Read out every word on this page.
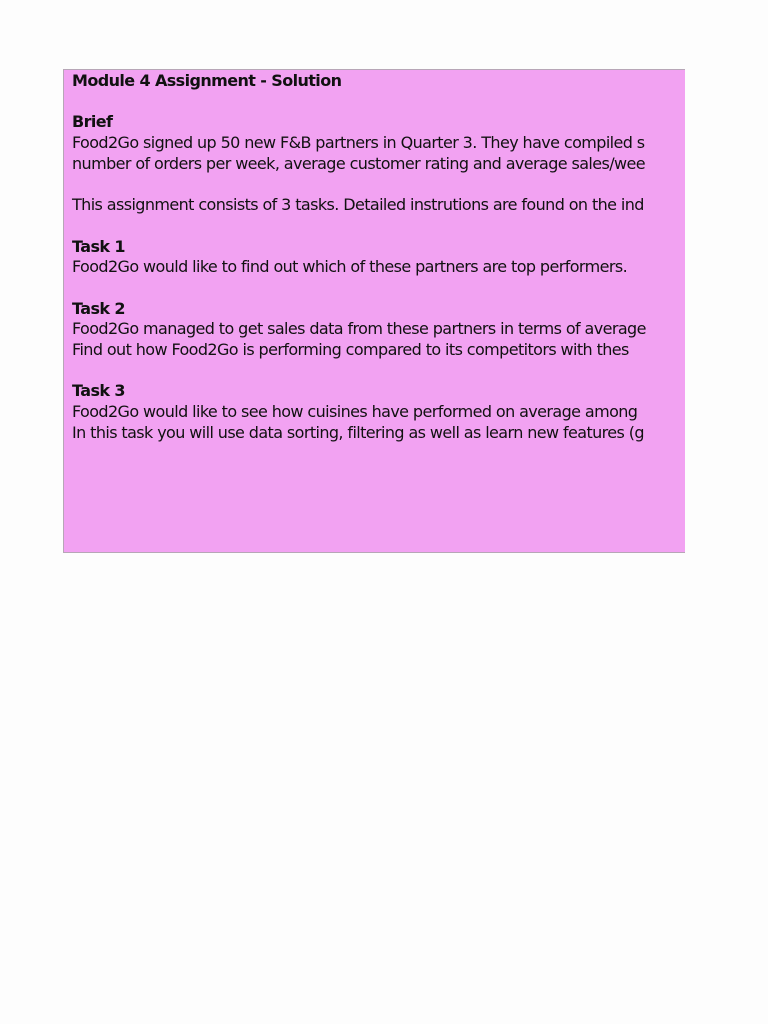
Module 4 Assignment - Solution
Brief
Food2Go signed up 50 new F&B partners in Quarter 3. They have compiled s
number of orders per week, average customer rating and average sales/wee
This assignment consists of 3 tasks. Detailed instrutions are found on the ind
Task 1
Food2Go would like to find out which of these partners are top performers.
Task 2
Food2Go managed to get sales data from these partners in terms of average
Find out how Food2Go is performing compared to its competitors with thes
Task 3
Food2Go would like to see how cuisines have performed on average among
In this task you will use data sorting, filtering as well as learn new features (g
